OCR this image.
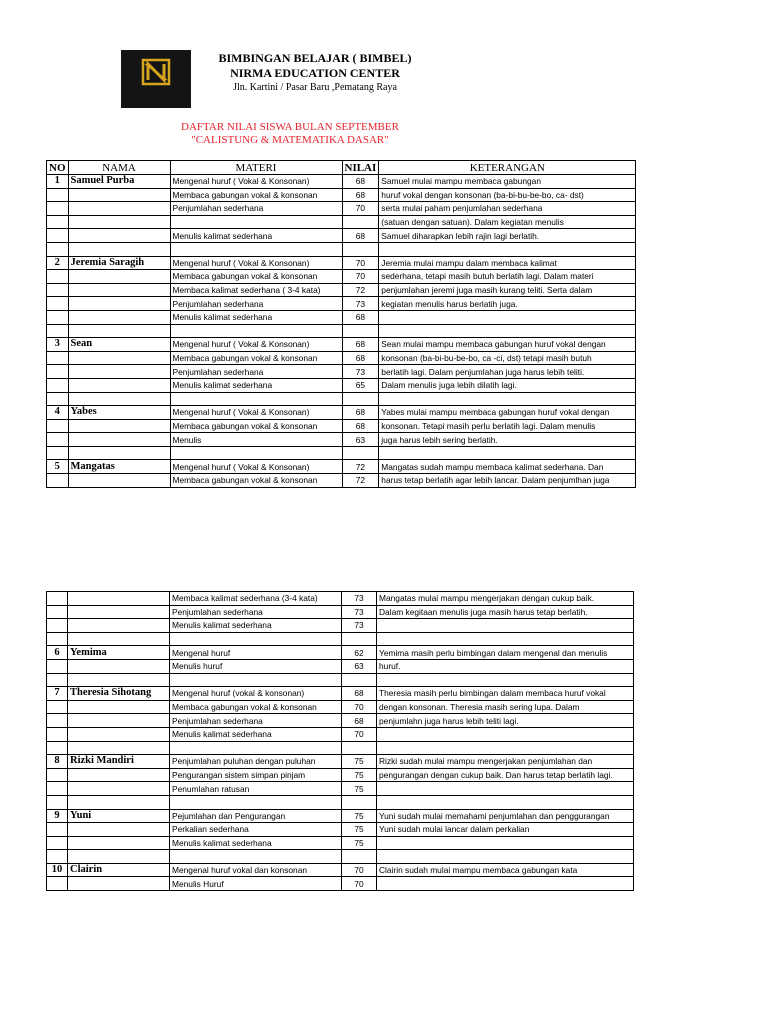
BIMBINGAN BELAJAR ( BIMBEL)
NIRMA EDUCATION CENTER
Jln. Kartini / Pasar Baru ,Pematang Raya
DAFTAR NILAI SISWA BULAN SEPTEMBER
"CALISTUNG & MATEMATIKA DASAR"
NO	NAMA	MATERI	NILAI	KETERANGAN
1	Samuel Purba	Mengenal huruf ( Vokal & Konsonan)	68	Samuel mulai mampu membaca gabungan
		Membaca gabungan vokal & konsonan	68	huruf vokal dengan konsonan (ba-bi-bu-be-bo, ca- dst)
		Penjumlahan sederhana	70	serta mulai paham penjumlahan sederhana
				(satuan dengan satuan). Dalam kegiatan menulis
		Menulis kalimat sederhana	68	Samuel diharapkan lebih rajin lagi berlatih.

2	Jeremia Saragih	Mengenal huruf ( Vokal & Konsonan)	70	Jeremia mulai mampu dalam membaca kalimat
		Membaca gabungan vokal & konsonan	70	sederhana, tetapi masih butuh berlatih lagi. Dalam materi
		Membaca kalimat sederhana ( 3-4 kata)	72	penjumlahan jeremi juga masih kurang teliti. Serta dalam
		Penjumlahan sederhana	73	kegiatan menulis harus berlatih juga.
		Menulis kalimat sederhana	68	

3	Sean	Mengenal huruf ( Vokal & Konsonan)	68	Sean mulai mampu membaca gabungan huruf vokal dengan
		Membaca gabungan vokal & konsonan	68	konsonan (ba-bi-bu-be-bo, ca -ci, dst) tetapi masih butuh
		Penjumlahan sederhana	73	berlatih lagi. Dalam penjumlahan juga harus lebih teliti.
		Menulis kalimat sederhana	65	Dalam menulis juga lebih dilatih lagi.

4	Yabes	Mengenal huruf ( Vokal & Konsonan)	68	Yabes mulai mampu membaca gabungan huruf vokal dengan
		Membaca gabungan vokal & konsonan	68	konsonan. Tetapi masih perlu berlatih lagi. Dalam menulis
		Menulis	63	juga harus lebih sering berlatih.

5	Mangatas	Mengenal huruf ( Vokal & Konsonan)	72	Mangatas sudah mampu membaca kalimat sederhana. Dan
		Membaca gabungan vokal & konsonan	72	harus tetap berlatih agar lebih lancar. Dalam penjumlhan juga
		Membaca kalimat sederhana (3-4 kata)	73	Mangatas mulai mampu mengerjakan dengan cukup baik.
		Penjumlahan sederhana	73	Dalam kegitaan menulis juga masih harus tetap berlatih.
		Menulis kalimat sederhana	73	

6	Yemima	Mengenal huruf	62	Yemima masih perlu bimbingan dalam mengenal dan menulis
		Menulis huruf	63	huruf.

7	Theresia Sihotang	Mengenal huruf (vokal & konsonan)	68	Theresia masih perlu bimbingan dalam membaca huruf vokal
		Membaca gabungan vokal & konsonan	70	dengan konsonan. Theresia masih sering lupa. Dalam
		Penjumlahan sederhana	68	penjumlahn juga harus lebih teliti lagi.
		Menulis kalimat sederhana	70	

8	Rizki Mandiri	Penjumlahan puluhan dengan puluhan	75	Rizki sudah mulai mampu mengerjakan penjumlahan dan
		Pengurangan sistem simpan pinjam	75	pengurangan dengan cukup baik. Dan harus tetap berlatih lagi.
		Penumlahan ratusan	75	

9	Yuni	Pejumlahan dan Pengurangan	75	Yuni sudah mulai memahami penjumlahan dan penggurangan
		Perkalian sederhana	75	Yuni sudah mulai lancar dalam perkalian
		Menulis kalimat sederhana	75	

10	Clairin	Mengenal huruf vokal dan konsonan	70	Clairin sudah mulai mampu membaca gabungan kata
		Menulis Huruf	70	
